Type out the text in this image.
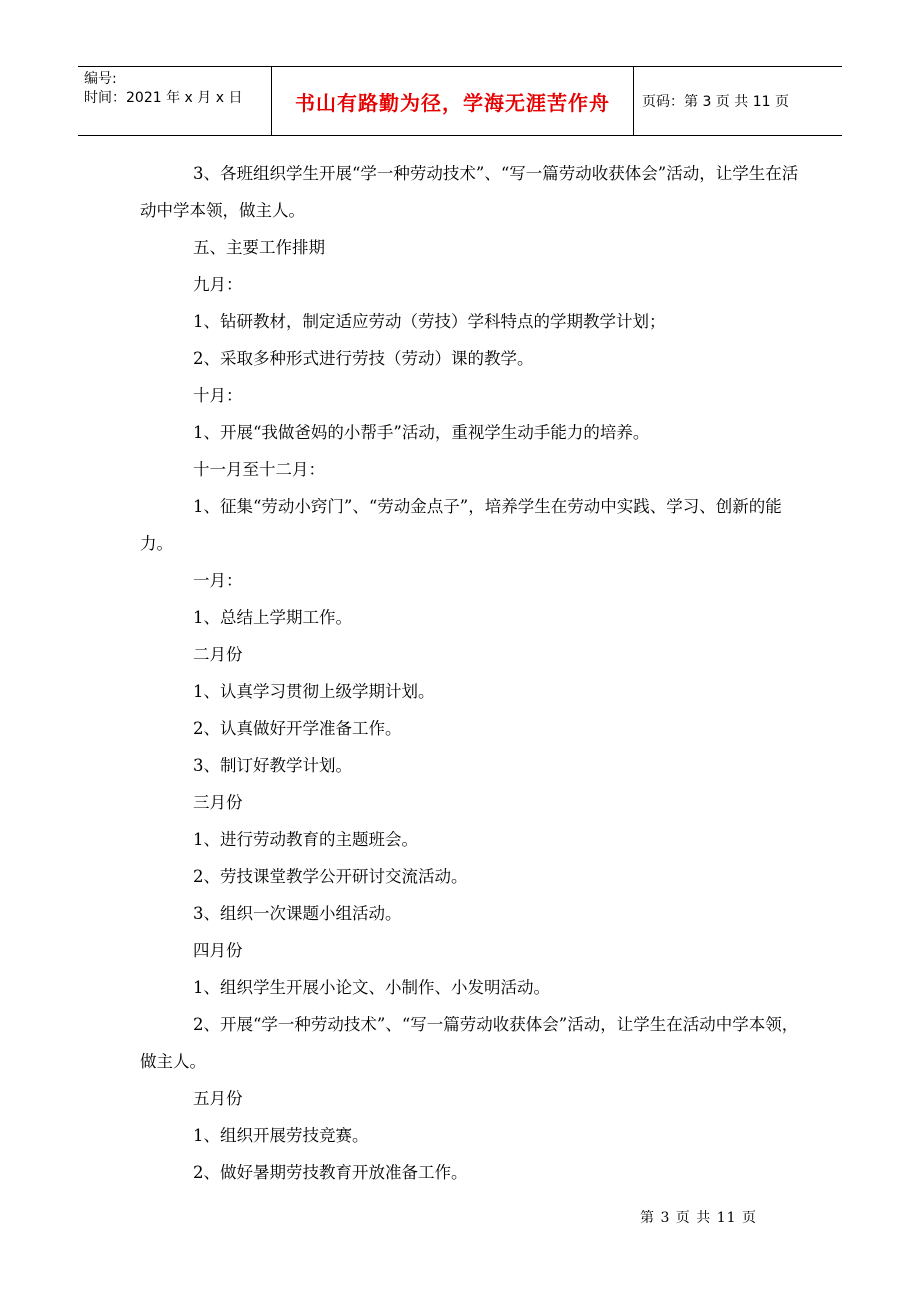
编号:
时间：2021 年 x 月 x 日	书山有路勤为径，学海无涯苦作舟 页码：第 3 页 共 11 页

3、各班组织学生开展“学一种劳动技术”、“写一篇劳动收获体会”活动，让学生在活动中学本领，做主人。

五、主要工作排期

九月：

1、钻研教材，制定适应劳动（劳技）学科特点的学期教学计划；

2、采取多种形式进行劳技（劳动）课的教学。

十月：

1、开展“我做爸妈的小帮手”活动，重视学生动手能力的培养。

十一月至十二月：

1、征集“劳动小窍门”、“劳动金点子”，培养学生在劳动中实践、学习、创新的能力。

一月：

1、总结上学期工作。

二月份

1、认真学习贯彻上级学期计划。

2、认真做好开学准备工作。

3、制订好教学计划。

三月份

1、进行劳动教育的主题班会。

2、劳技课堂教学公开研讨交流活动。

3、组织一次课题小组活动。

四月份

1、组织学生开展小论文、小制作、小发明活动。

2、开展“学一种劳动技术”、“写一篇劳动收获体会”活动，让学生在活动中学本领，做主人。

五月份

1、组织开展劳技竞赛。

2、做好暑期劳技教育开放准备工作。

第 3 页 共 11 页
